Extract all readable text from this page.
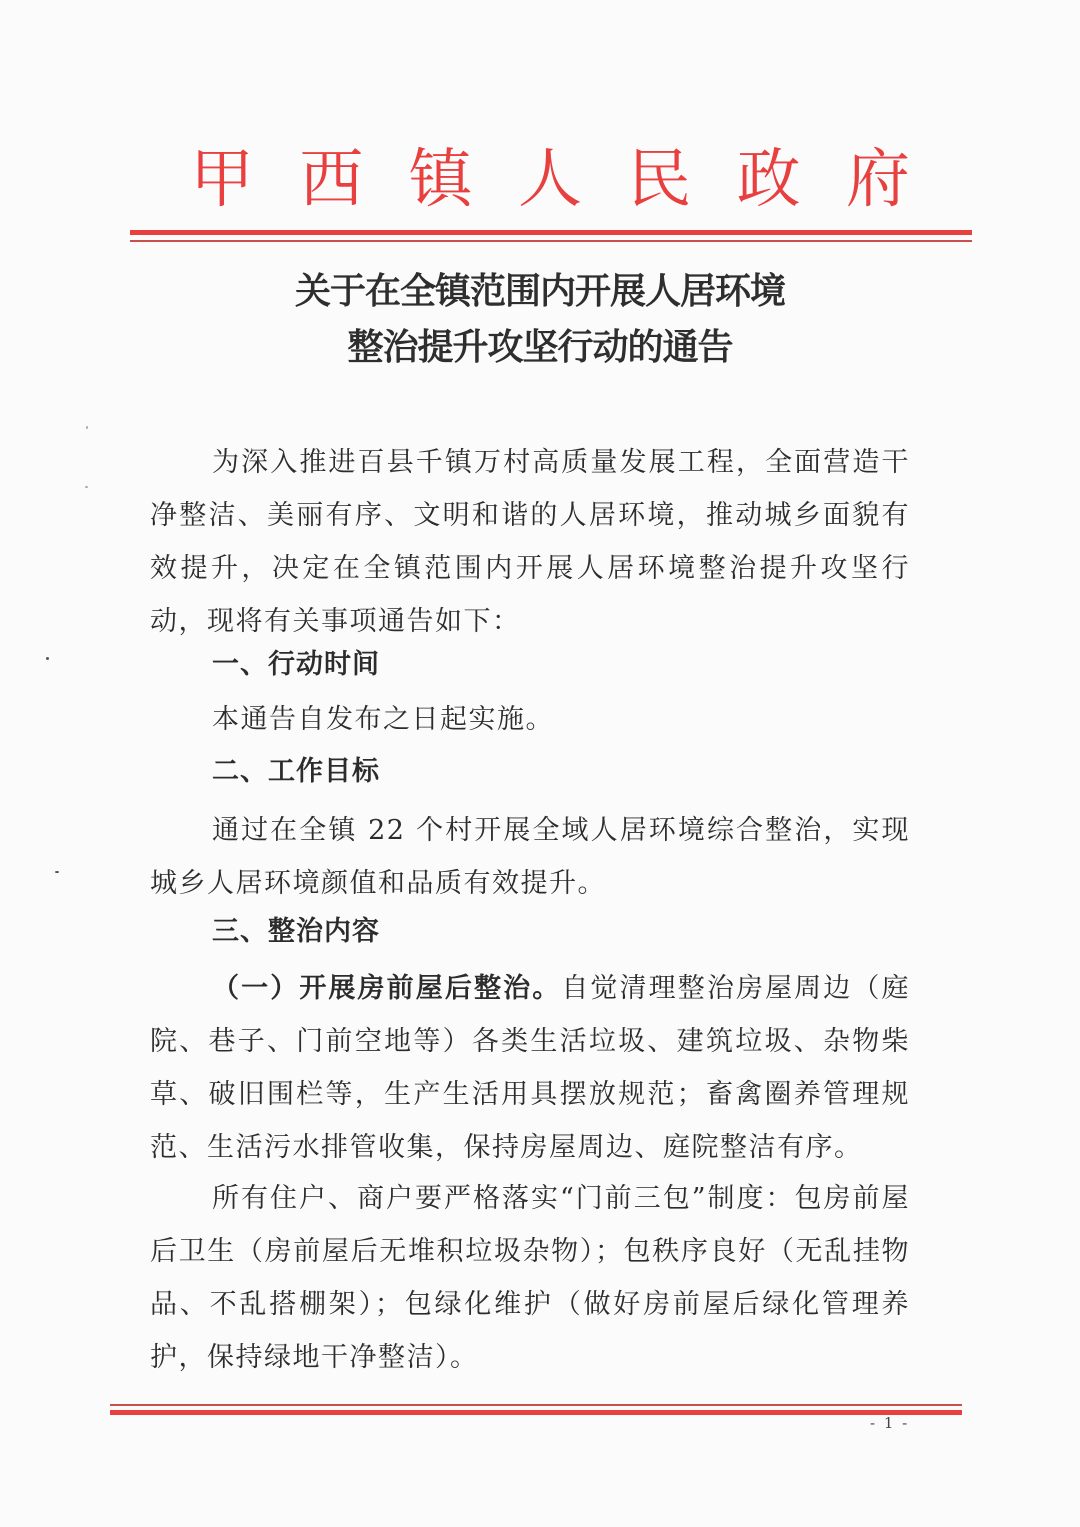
甲 西 镇 人 民 政 府
关于在全镇范围内开展人居环境
整治提升攻坚行动的通告
为深入推进百县千镇万村高质量发展工程，全面营造干净整洁、美丽有序、文明和谐的人居环境，推动城乡面貌有效提升，决定在全镇范围内开展人居环境整治提升攻坚行动，现将有关事项通告如下：
一、行动时间
本通告自发布之日起实施。
二、工作目标
通过在全镇 22 个村开展全域人居环境综合整治，实现城乡人居环境颜值和品质有效提升。
三、整治内容
（一）开展房前屋后整治。自觉清理整治房屋周边（庭院、巷子、门前空地等）各类生活垃圾、建筑垃圾、杂物柴草、破旧围栏等，生产生活用具摆放规范；畜禽圈养管理规范、生活污水排管收集，保持房屋周边、庭院整洁有序。
所有住户、商户要严格落实“门前三包”制度：包房前屋后卫生（房前屋后无堆积垃圾杂物）；包秩序良好（无乱挂物品、不乱搭棚架）；包绿化维护（做好房前屋后绿化管理养护，保持绿地干净整洁）。
- 1 -
